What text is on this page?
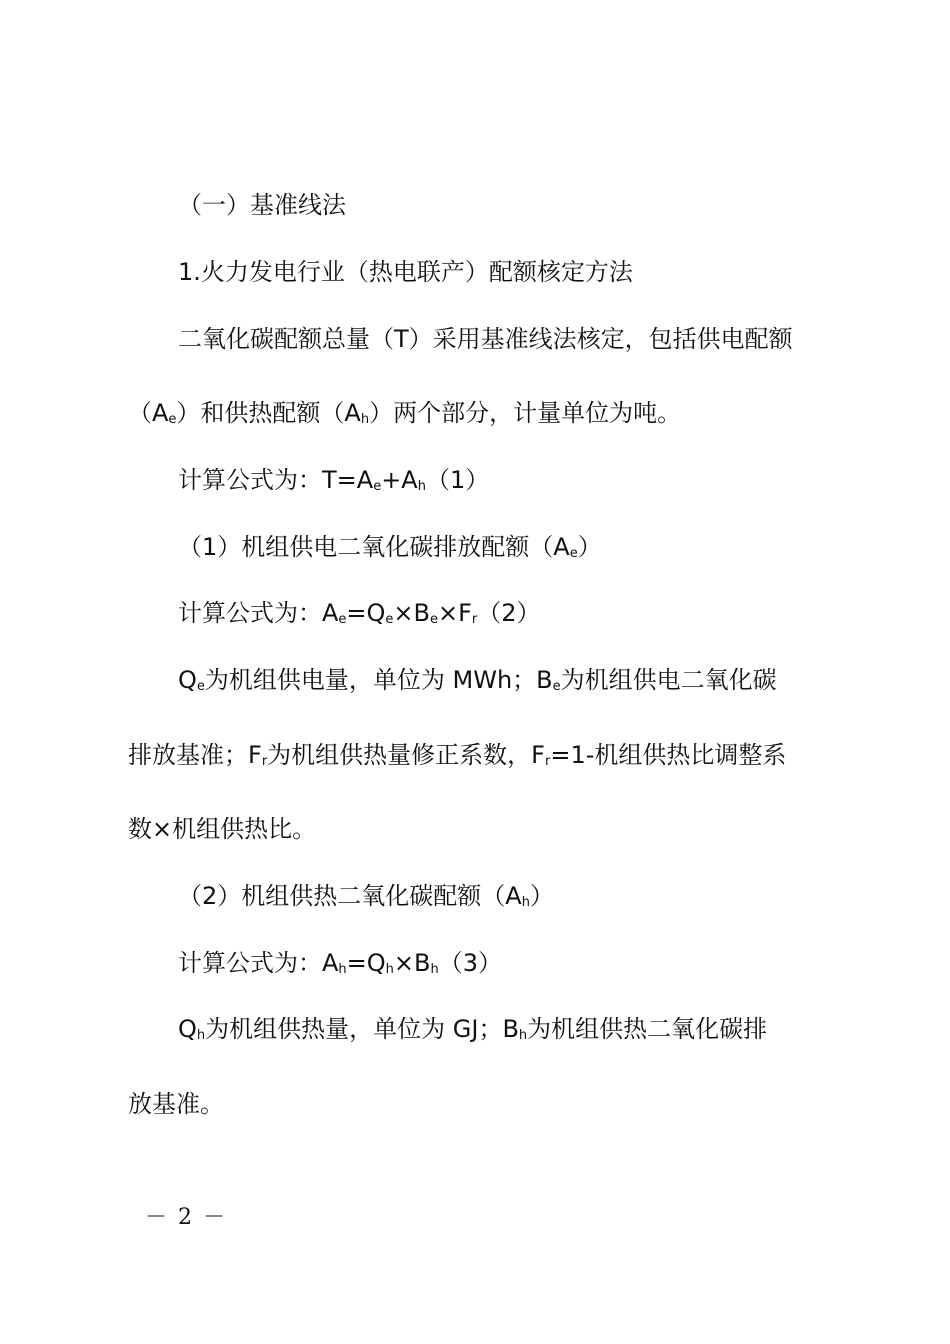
（一）基准线法
1.火力发电行业（热电联产）配额核定方法
二氧化碳配额总量（T）采用基准线法核定，包括供电配额
$(A_e)$和供热配额$(A_h)$两个部分，计量单位为吨。
计算公式为：$T=A_e+A_h(1)$
（1）机组供电二氧化碳排放配额$(A_e)$
计算公式为：$A_e=Q_e\times B_e\times F_r(2)$
$Q_e$为机组供电量，单位为 MWh；$B_e$为机组供电二氧化碳
排放基准；$F_r$为机组供热量修正系数，$F_r=1-$机组供热比调整系
数×机组供热比。
（2）机组供热二氧化碳配额$(A_h)$
计算公式为：$A_h=Q_h\times B_h(3)$
$Q_h$为机组供热量，单位为 GJ；$B_h$为机组供热二氧化碳排
放基准。
－ 2 －
